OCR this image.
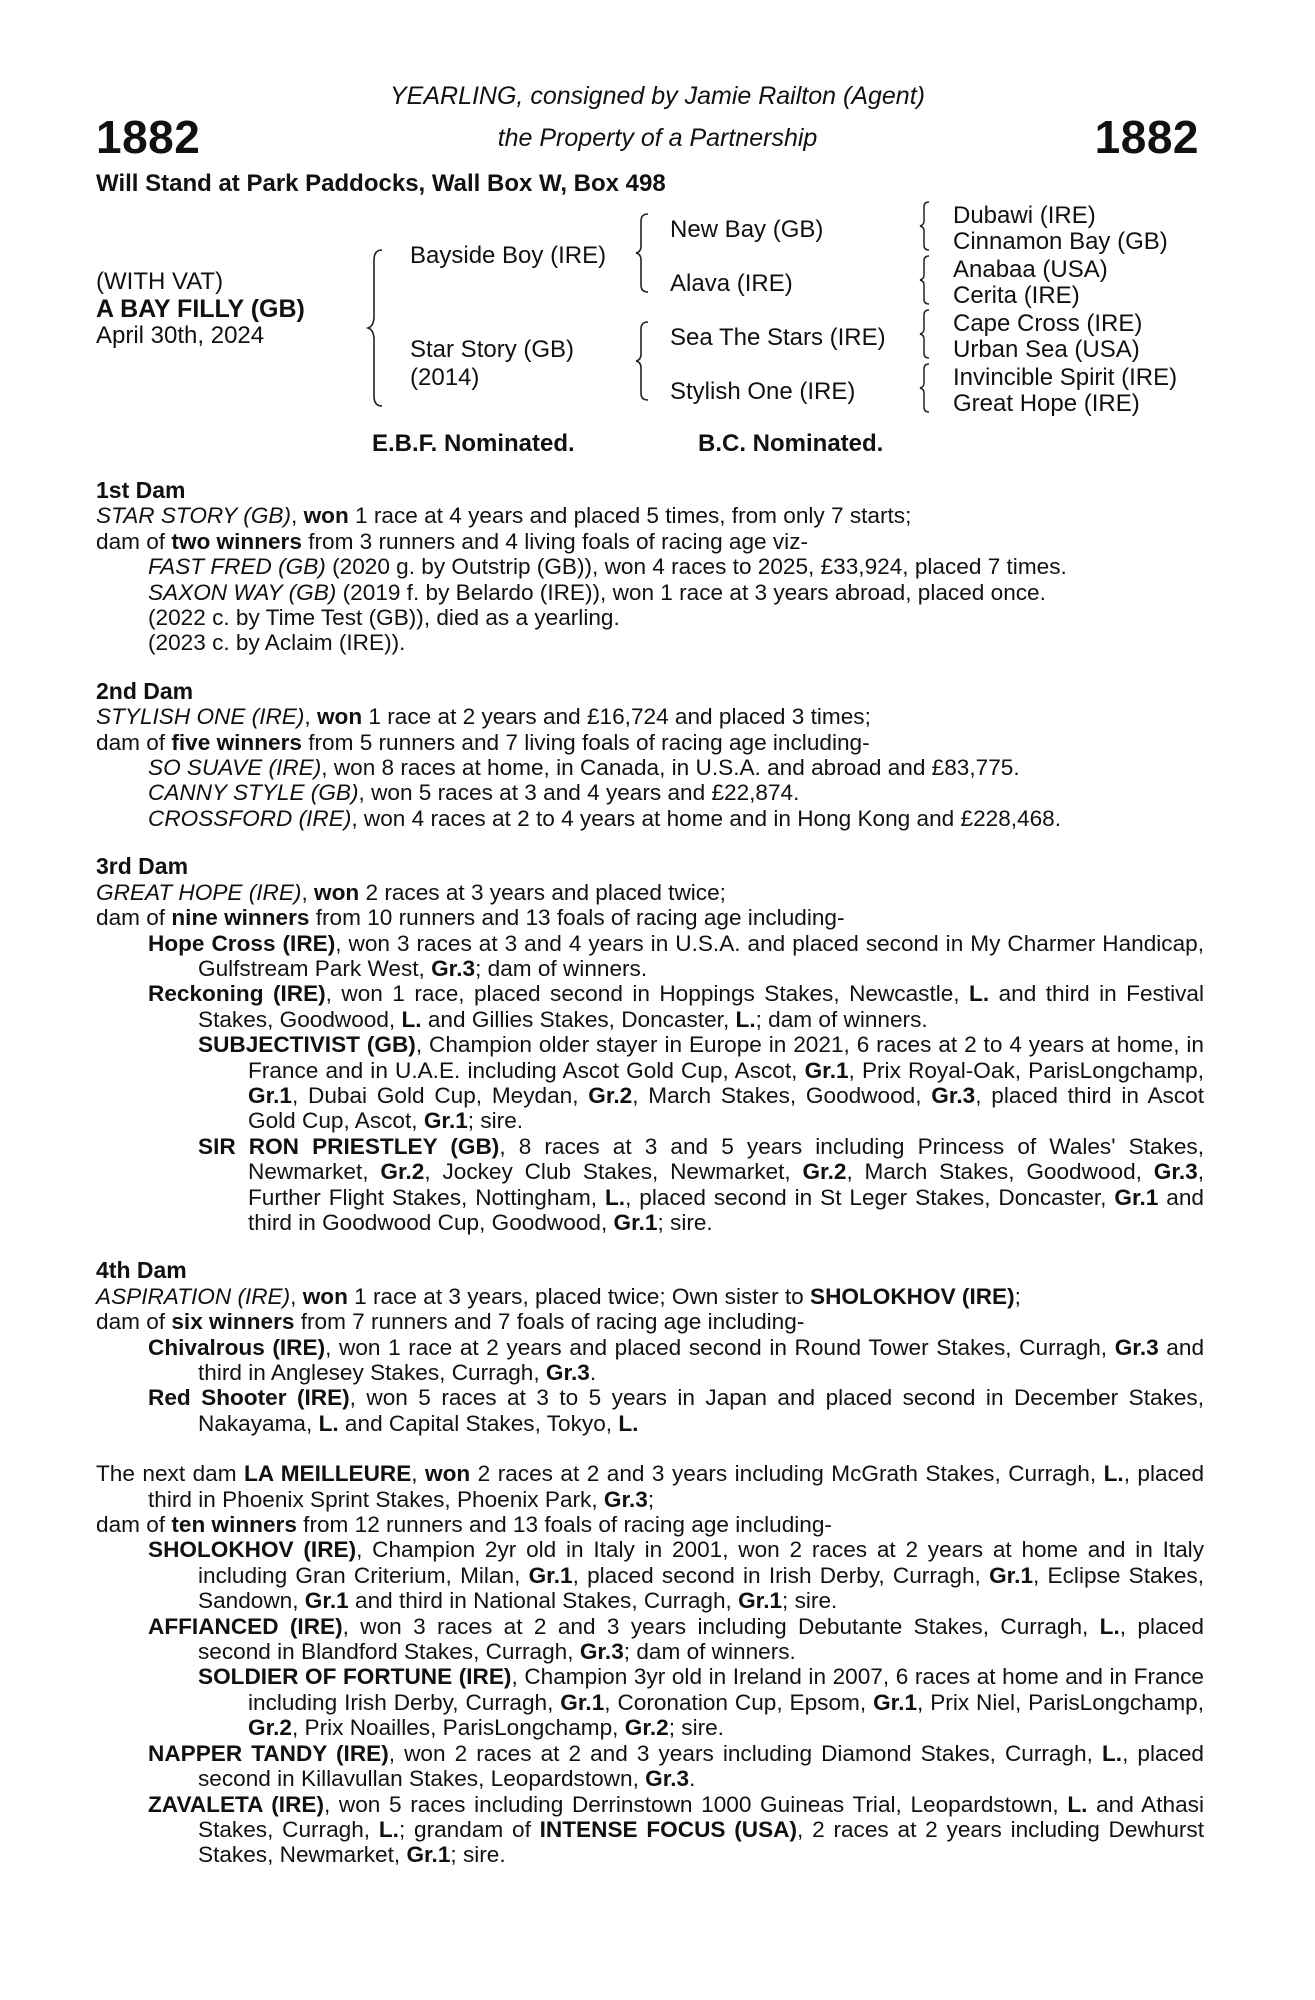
1882	1882
YEARLING, consigned by Jamie Railton (Agent)
the Property of a Partnership
Will Stand at Park Paddocks, Wall Box W, Box 498
(WITH VAT)
A BAY FILLY (GB)
April 30th, 2024
Bayside Boy (IRE)
Star Story (GB)
(2014)
New Bay (GB)
Alava (IRE)
Sea The Stars (IRE)
Stylish One (IRE)
Dubawi (IRE)
Cinnamon Bay (GB)
Anabaa (USA)
Cerita (IRE)
Cape Cross (IRE)
Urban Sea (USA)
Invincible Spirit (IRE)
Great Hope (IRE)
E.B.F. Nominated.	B.C. Nominated.

1st Dam

STAR STORY (GB), won 1 race at 4 years and placed 5 times, from only 7 starts;

dam of two winners from 3 runners and 4 living foals of racing age viz-

FAST FRED (GB) (2020 g. by Outstrip (GB)), won 4 races to 2025, £33,924, placed 7 times.

SAXON WAY (GB) (2019 f. by Belardo (IRE)), won 1 race at 3 years abroad, placed once.

(2022 c. by Time Test (GB)), died as a yearling.

(2023 c. by Aclaim (IRE)).

2nd Dam

STYLISH ONE (IRE), won 1 race at 2 years and £16,724 and placed 3 times;

dam of five winners from 5 runners and 7 living foals of racing age including-

SO SUAVE (IRE), won 8 races at home, in Canada, in U.S.A. and abroad and £83,775.

CANNY STYLE (GB), won 5 races at 3 and 4 years and £22,874.

CROSSFORD (IRE), won 4 races at 2 to 4 years at home and in Hong Kong and £228,468.

3rd Dam

GREAT HOPE (IRE), won 2 races at 3 years and placed twice;

dam of nine winners from 10 runners and 13 foals of racing age including-

Hope Cross (IRE), won 3 races at 3 and 4 years in U.S.A. and placed second in My Charmer Handicap, Gulfstream Park West, Gr.3; dam of winners.

Reckoning (IRE), won 1 race, placed second in Hoppings Stakes, Newcastle, L. and third in Festival Stakes, Goodwood, L. and Gillies Stakes, Doncaster, L.; dam of winners.

SUBJECTIVIST (GB), Champion older stayer in Europe in 2021, 6 races at 2 to 4 years at home, in France and in U.A.E. including Ascot Gold Cup, Ascot, Gr.1, Prix Royal-Oak, ParisLongchamp, Gr.1, Dubai Gold Cup, Meydan, Gr.2, March Stakes, Goodwood, Gr.3, placed third in Ascot Gold Cup, Ascot, Gr.1; sire.

SIR RON PRIESTLEY (GB), 8 races at 3 and 5 years including Princess of Wales' Stakes, Newmarket, Gr.2, Jockey Club Stakes, Newmarket, Gr.2, March Stakes, Goodwood, Gr.3, Further Flight Stakes, Nottingham, L., placed second in St Leger Stakes, Doncaster, Gr.1 and third in Goodwood Cup, Goodwood, Gr.1; sire.

4th Dam

ASPIRATION (IRE), won 1 race at 3 years, placed twice; Own sister to SHOLOKHOV (IRE);

dam of six winners from 7 runners and 7 foals of racing age including-

Chivalrous (IRE), won 1 race at 2 years and placed second in Round Tower Stakes, Curragh, Gr.3 and third in Anglesey Stakes, Curragh, Gr.3.

Red Shooter (IRE), won 5 races at 3 to 5 years in Japan and placed second in December Stakes, Nakayama, L. and Capital Stakes, Tokyo, L.

The next dam LA MEILLEURE, won 2 races at 2 and 3 years including McGrath Stakes, Curragh, L., placed third in Phoenix Sprint Stakes, Phoenix Park, Gr.3;

dam of ten winners from 12 runners and 13 foals of racing age including-

SHOLOKHOV (IRE), Champion 2yr old in Italy in 2001, won 2 races at 2 years at home and in Italy including Gran Criterium, Milan, Gr.1, placed second in Irish Derby, Curragh, Gr.1, Eclipse Stakes, Sandown, Gr.1 and third in National Stakes, Curragh, Gr.1; sire.

AFFIANCED (IRE), won 3 races at 2 and 3 years including Debutante Stakes, Curragh, L., placed second in Blandford Stakes, Curragh, Gr.3; dam of winners.

SOLDIER OF FORTUNE (IRE), Champion 3yr old in Ireland in 2007, 6 races at home and in France including Irish Derby, Curragh, Gr.1, Coronation Cup, Epsom, Gr.1, Prix Niel, ParisLongchamp, Gr.2, Prix Noailles, ParisLongchamp, Gr.2; sire.

NAPPER TANDY (IRE), won 2 races at 2 and 3 years including Diamond Stakes, Curragh, L., placed second in Killavullan Stakes, Leopardstown, Gr.3.

ZAVALETA (IRE), won 5 races including Derrinstown 1000 Guineas Trial, Leopardstown, L. and Athasi Stakes, Curragh, L.; grandam of INTENSE FOCUS (USA), 2 races at 2 years including Dewhurst Stakes, Newmarket, Gr.1; sire.
